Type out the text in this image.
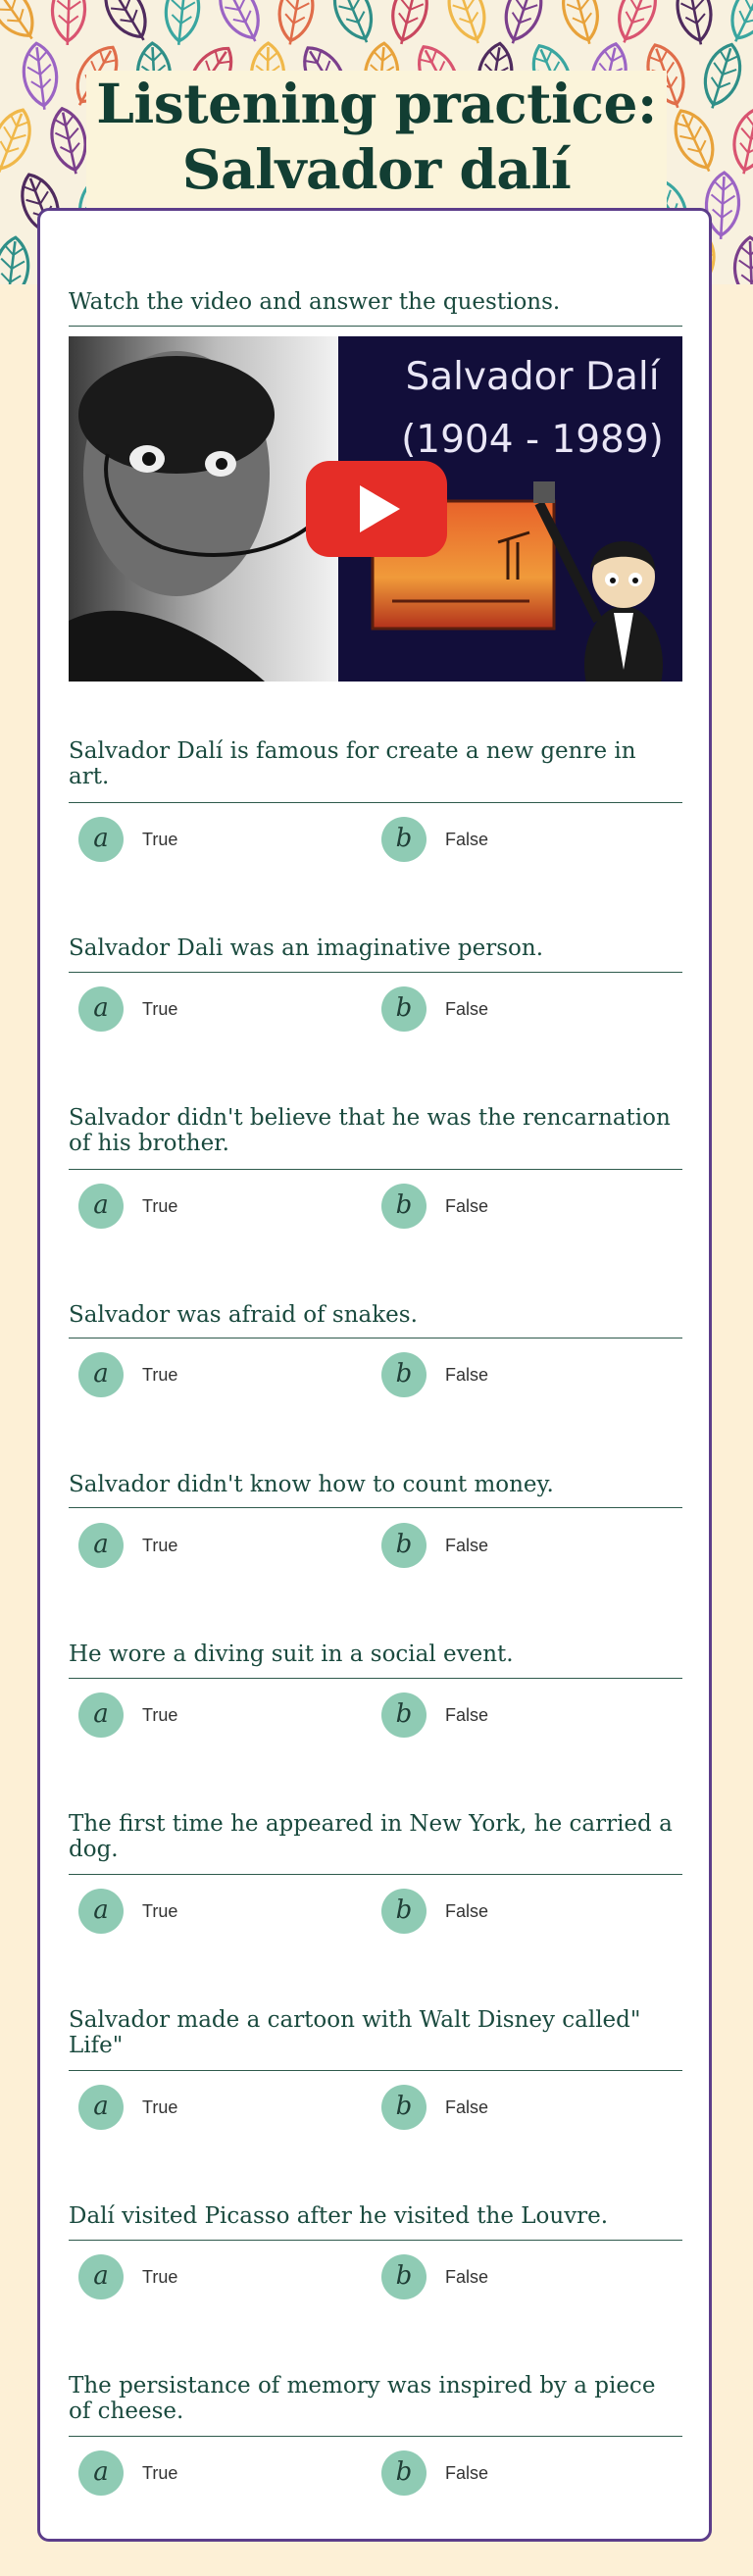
Listening practice: Salvador dalí

Watch the video and answer the questions.

Salvador Dalí
(1904 - 1989)

Salvador Dalí is famous for create a new genre in art.

a	True	b	False

Salvador Dali was an imaginative person.

a	True	b	False

Salvador didn't believe that he was the rencarnation of his brother.

a	True	b	False

Salvador was afraid of snakes.

a	True	b	False

Salvador didn't know how to count money.

a	True	b	False

He wore a diving suit in a social event.

a	True	b	False

The first time he appeared in New York, he carried a dog.

a	True	b	False

Salvador made a cartoon with Walt Disney called" Life"

a	True	b	False

Dalí visited Picasso after he visited the Louvre.

a	True	b	False

The persistance of memory was inspired by a piece of cheese.

a	True	b	False
